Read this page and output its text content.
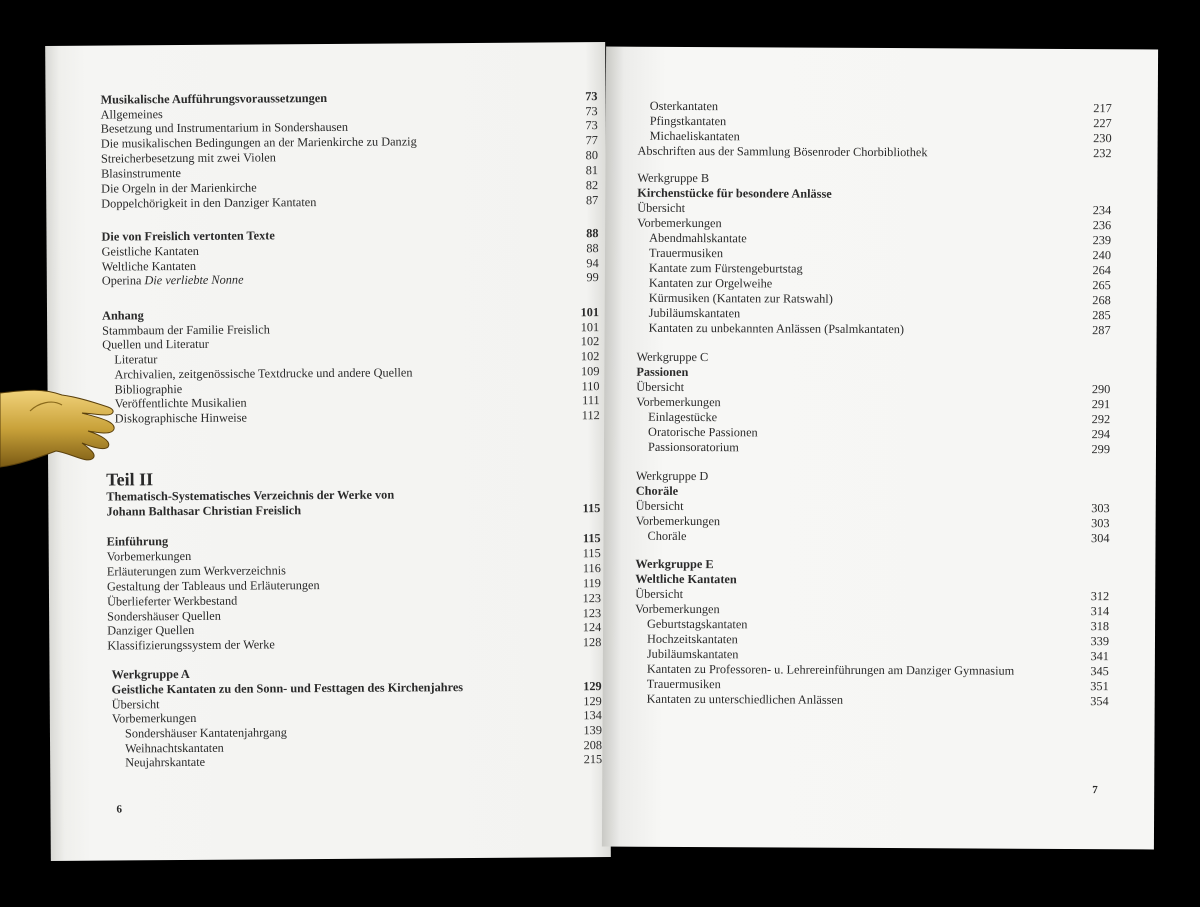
Musikalische Aufführungsvoraussetzungen	73
Allgemeines	73
Besetzung und Instrumentarium in Sondershausen	73
Die musikalischen Bedingungen an der Marienkirche zu Danzig	77
Streicherbesetzung mit zwei Violen	80
Blasinstrumente	81
Die Orgeln in der Marienkirche	82
Doppelchörigkeit in den Danziger Kantaten	87
Die von Freislich vertonten Texte	88
Geistliche Kantaten	88
Weltliche Kantaten	94
Operina Die verliebte Nonne	99
Anhang	101
Stammbaum der Familie Freislich	101
Quellen und Literatur	102
Literatur	102
Archivalien, zeitgenössische Textdrucke und andere Quellen	109
Bibliographie	110
Veröffentlichte Musikalien	111
Diskographische Hinweise	112
Teil II
Thematisch-Systematisches Verzeichnis der Werke von
Johann Balthasar Christian Freislich	115
Einführung	115
Vorbemerkungen	115
Erläuterungen zum Werkverzeichnis	116
Gestaltung der Tableaus und Erläuterungen	119
Überlieferter Werkbestand	123
Sondershäuser Quellen	123
Danziger Quellen	124
Klassifizierungssystem der Werke	128
Werkgruppe A
Geistliche Kantaten zu den Sonn- und Festtagen des Kirchenjahres	129
Übersicht	129
Vorbemerkungen	134
Sondershäuser Kantatenjahrgang	139
Weihnachtskantaten	208
Neujahrskantate	215
6
Osterkantaten	217
Pfingstkantaten	227
Michaeliskantaten	230
Abschriften aus der Sammlung Bösenroder Chorbibliothek	232
Werkgruppe B
Kirchenstücke für besondere Anlässe
Übersicht	234
Vorbemerkungen	236
Abendmahlskantate	239
Trauermusiken	240
Kantate zum Fürstengeburtstag	264
Kantaten zur Orgelweihe	265
Kürmusiken (Kantaten zur Ratswahl)	268
Jubiläumskantaten	285
Kantaten zu unbekannten Anlässen (Psalmkantaten)	287
Werkgruppe C
Passionen
Übersicht	290
Vorbemerkungen	291
Einlagestücke	292
Oratorische Passionen	294
Passionsoratorium	299
Werkgruppe D
Choräle
Übersicht	303
Vorbemerkungen	303
Choräle	304
Werkgruppe E
Weltliche Kantaten
Übersicht	312
Vorbemerkungen	314
Geburtstagskantaten	318
Hochzeitskantaten	339
Jubiläumskantaten	341
Kantaten zu Professoren- u. Lehrereinführungen am Danziger Gymnasium	345
Trauermusiken	351
Kantaten zu unterschiedlichen Anlässen	354
7
